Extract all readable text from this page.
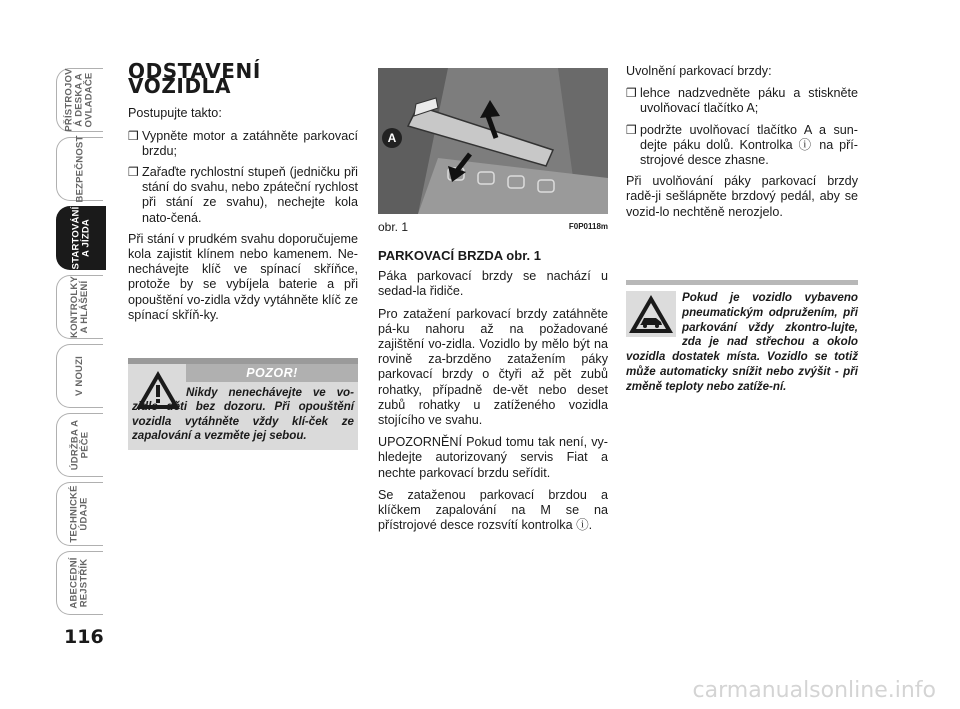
PŘÍSTROJOV
Á DESKA A
OVLADAČE
BEZPEČNOST
STARTOVÁNÍ
A JÍZDA
KONTROLKY
A HLÁŠENÍ
V NOUZI
ÚDRŽBA A
PÉČE
TECHNICKÉ
ÚDAJE
ABECEDNÍ
REJSTŘÍK
116
ODSTAVENÍ VOZIDLA

Postupujte takto:

❒ Vypněte motor a zatáhněte parkovací brzdu;
❒ Zařaďte rychlostní stupeň (jedničku při stání do svahu, nebo zpáteční rychlost při stání ze svahu), nechejte kola nato-čená.

Při stání v prudkém svahu doporučujeme kola zajistit klínem nebo kamenem. Ne-nechávejte klíč ve spínací skříňce, protože by se vybíjela baterie a při opouštění vo-zidla vždy vytáhněte klíč ze spínací skříň-ky.

POZOR!
Nikdy nenechávejte ve vo-zidle děti bez dozoru. Při opouštění vozidla vytáhněte vždy klí-ček ze zapalování a vezměte jej sebou.
A
obr. 1	F0P0118m
PARKOVACÍ BRZDA obr. 1

Páka parkovací brzdy se nachází u sedad-la řidiče.

Pro zatažení parkovací brzdy zatáhněte pá-ku nahoru až na požadované zajištění vo-zidla. Vozidlo by mělo být na rovině za-brzděno zatažením páky parkovací brzdy o čtyři až pět zubů rohatky, případně de-vět nebo deset zubů rohatky u zatíženého vozidla stojícího ve svahu.

UPOZORNĚNÍ Pokud tomu tak není, vy-hledejte autorizovaný servis Fiat a nechte parkovací brzdu seřídit.

Se zataženou parkovací brzdou a klíčkem zapalování na M se na přístrojové desce rozsvítí kontrolka ⓘ.

Uvolnění parkovací brzdy:

❒ lehce nadzvedněte páku a stiskněte uvolňovací tlačítko A;
❒ podržte uvolňovací tlačítko A a sun-dejte páku dolů. Kontrolka ⓘ na pří-strojové desce zhasne.

Při uvolňování páky parkovací brzdy radě-ji sešlápněte brzdový pedál, aby se vozid-lo nechtěně nerozjelo.

Pokud je vozidlo vybaveno pneumatickým odpružením, při parkování vždy zkontro-lujte, zda je nad střechou a okolo vozidla dostatek místa. Vozidlo se totiž může automaticky snížit nebo zvýšit - při změně teploty nebo zatíže-ní.
carmanualsonline.info
